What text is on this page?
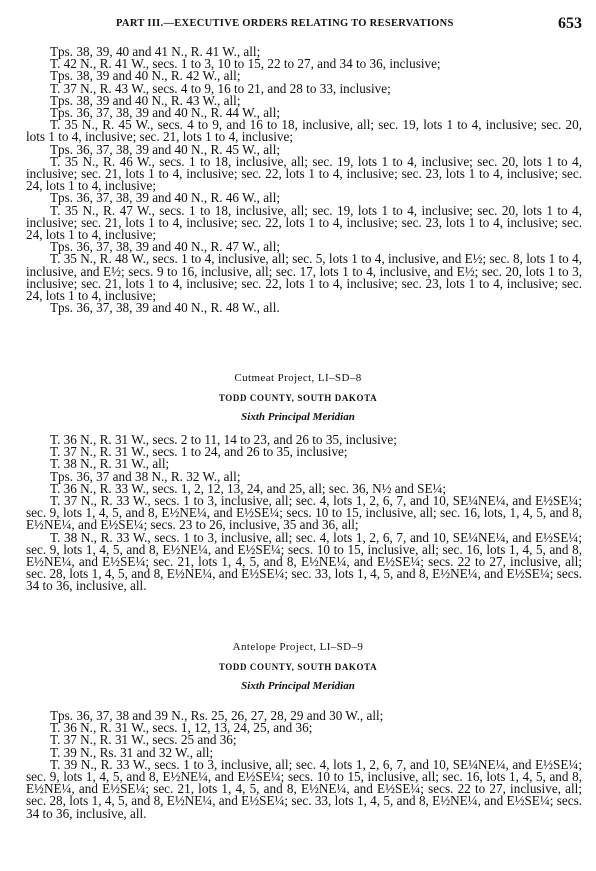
PART III.—EXECUTIVE ORDERS RELATING TO RESERVATIONS	653

Tps. 38, 39, 40 and 41 N., R. 41 W., all;

T. 42 N., R. 41 W., secs. 1 to 3, 10 to 15, 22 to 27, and 34 to 36, inclusive;

Tps. 38, 39 and 40 N., R. 42 W., all;

T. 37 N., R. 43 W., secs. 4 to 9, 16 to 21, and 28 to 33, inclusive;

Tps. 38, 39 and 40 N., R. 43 W., all;

Tps. 36, 37, 38, 39 and 40 N., R. 44 W., all;

T. 35 N., R. 45 W., secs. 4 to 9, and 16 to 18, inclusive, all; sec. 19, lots 1 to 4, inclusive; sec. 20, lots 1 to 4, inclusive; sec. 21, lots 1 to 4, inclusive;

Tps. 36, 37, 38, 39 and 40 N., R. 45 W., all;

T. 35 N., R. 46 W., secs. 1 to 18, inclusive, all; sec. 19, lots 1 to 4, inclusive; sec. 20, lots 1 to 4, inclusive; sec. 21, lots 1 to 4, inclusive; sec. 22, lots 1 to 4, inclusive; sec. 23, lots 1 to 4, inclusive; sec. 24, lots 1 to 4, inclusive;

Tps. 36, 37, 38, 39 and 40 N., R. 46 W., all;

T. 35 N., R. 47 W., secs. 1 to 18, inclusive, all; sec. 19, lots 1 to 4, inclusive; sec. 20, lots 1 to 4, inclusive; sec. 21, lots 1 to 4, inclusive; sec. 22, lots 1 to 4, inclusive; sec. 23, lots 1 to 4, inclusive; sec. 24, lots 1 to 4, inclusive;

Tps. 36, 37, 38, 39 and 40 N., R. 47 W., all;

T. 35 N., R. 48 W., secs. 1 to 4, inclusive, all; sec. 5, lots 1 to 4, inclusive, and E½; sec. 8, lots 1 to 4, inclusive, and E½; secs. 9 to 16, inclusive, all; sec. 17, lots 1 to 4, inclusive, and E½; sec. 20, lots 1 to 3, inclusive; sec. 21, lots 1 to 4, inclusive; sec. 22, lots 1 to 4, inclusive; sec. 23, lots 1 to 4, inclusive; sec. 24, lots 1 to 4, inclusive;

Tps. 36, 37, 38, 39 and 40 N., R. 48 W., all.

Cutmeat Project, LI–SD–8
TODD COUNTY, SOUTH DAKOTA
Sixth Principal Meridian

T. 36 N., R. 31 W., secs. 2 to 11, 14 to 23, and 26 to 35, inclusive;

T. 37 N., R. 31 W., secs. 1 to 24, and 26 to 35, inclusive;

T. 38 N., R. 31 W., all;

Tps. 36, 37 and 38 N., R. 32 W., all;

T. 36 N., R. 33 W., secs. 1, 2, 12, 13, 24, and 25, all; sec. 36, N½ and SE¼;

T. 37 N., R. 33 W., secs. 1 to 3, inclusive, all; sec. 4, lots 1, 2, 6, 7, and 10, SE¼NE¼, and E½SE¼; sec. 9, lots 1, 4, 5, and 8, E½NE¼, and E½SE¼; secs. 10 to 15, inclusive, all; sec. 16, lots, 1, 4, 5, and 8, E½NE¼, and E½SE¼; secs. 23 to 26, inclusive, 35 and 36, all;

T. 38 N., R. 33 W., secs. 1 to 3, inclusive, all; sec. 4, lots 1, 2, 6, 7, and 10, SE¼NE¼, and E½SE¼; sec. 9, lots 1, 4, 5, and 8, E½NE¼, and E½SE¼; secs. 10 to 15, inclusive, all; sec. 16, lots 1, 4, 5, and 8, E½NE¼, and E½SE¼; sec. 21, lots 1, 4, 5, and 8, E½NE¼, and E½SE¼; secs. 22 to 27, inclusive, all; sec. 28, lots 1, 4, 5, and 8, E½NE¼, and E½SE¼; sec. 33, lots 1, 4, 5, and 8, E½NE¼, and E½SE¼; secs. 34 to 36, inclusive, all.

Antelope Project, LI–SD–9
TODD COUNTY, SOUTH DAKOTA
Sixth Principal Meridian

Tps. 36, 37, 38 and 39 N., Rs. 25, 26, 27, 28, 29 and 30 W., all;

T. 36 N., R. 31 W., secs. 1, 12, 13, 24, 25, and 36;

T. 37 N., R. 31 W., secs. 25 and 36;

T. 39 N., Rs. 31 and 32 W., all;

T. 39 N., R. 33 W., secs. 1 to 3, inclusive, all; sec. 4, lots 1, 2, 6, 7, and 10, SE¼NE¼, and E½SE¼; sec. 9, lots 1, 4, 5, and 8, E½NE¼, and E½SE¼; secs. 10 to 15, inclusive, all; sec. 16, lots 1, 4, 5, and 8, E½NE¼, and E½SE¼; sec. 21, lots 1, 4, 5, and 8, E½NE¼, and E½SE¼; secs. 22 to 27, inclusive, all; sec. 28, lots 1, 4, 5, and 8, E½NE¼, and E½SE¼; sec. 33, lots 1, 4, 5, and 8, E½NE¼, and E½SE¼; secs. 34 to 36, inclusive, all.
